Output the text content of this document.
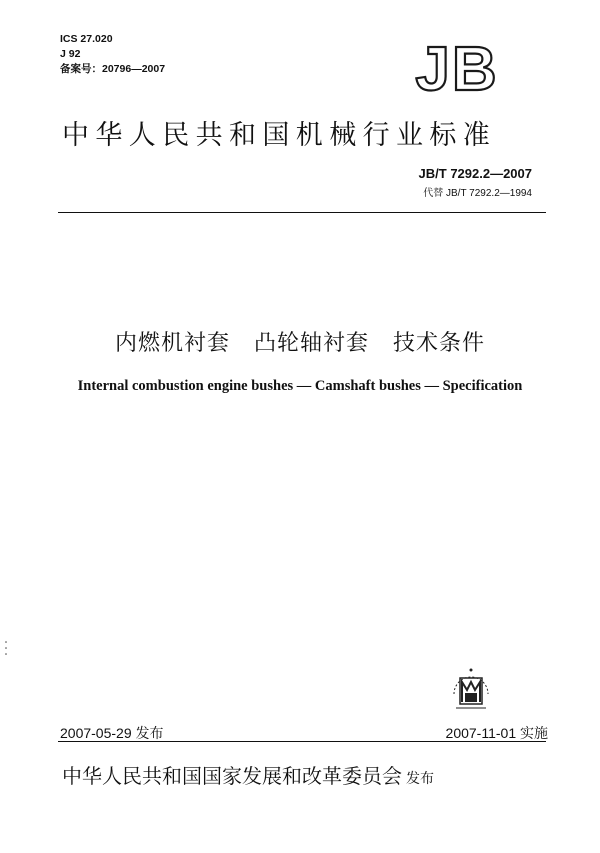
ICS 27.020
J 92
备案号：20796—2007	JB
中华人民共和国机械行业标准
JB/T 7292.2—2007
代替 JB/T 7292.2—1994
内燃机衬套   凸轮轴衬套   技术条件
Internal combustion engine bushes — Camshaft bushes — Specification
2007-05-29 发布	2007-11-01 实施
中华人民共和国国家发展和改革委员会 发布
